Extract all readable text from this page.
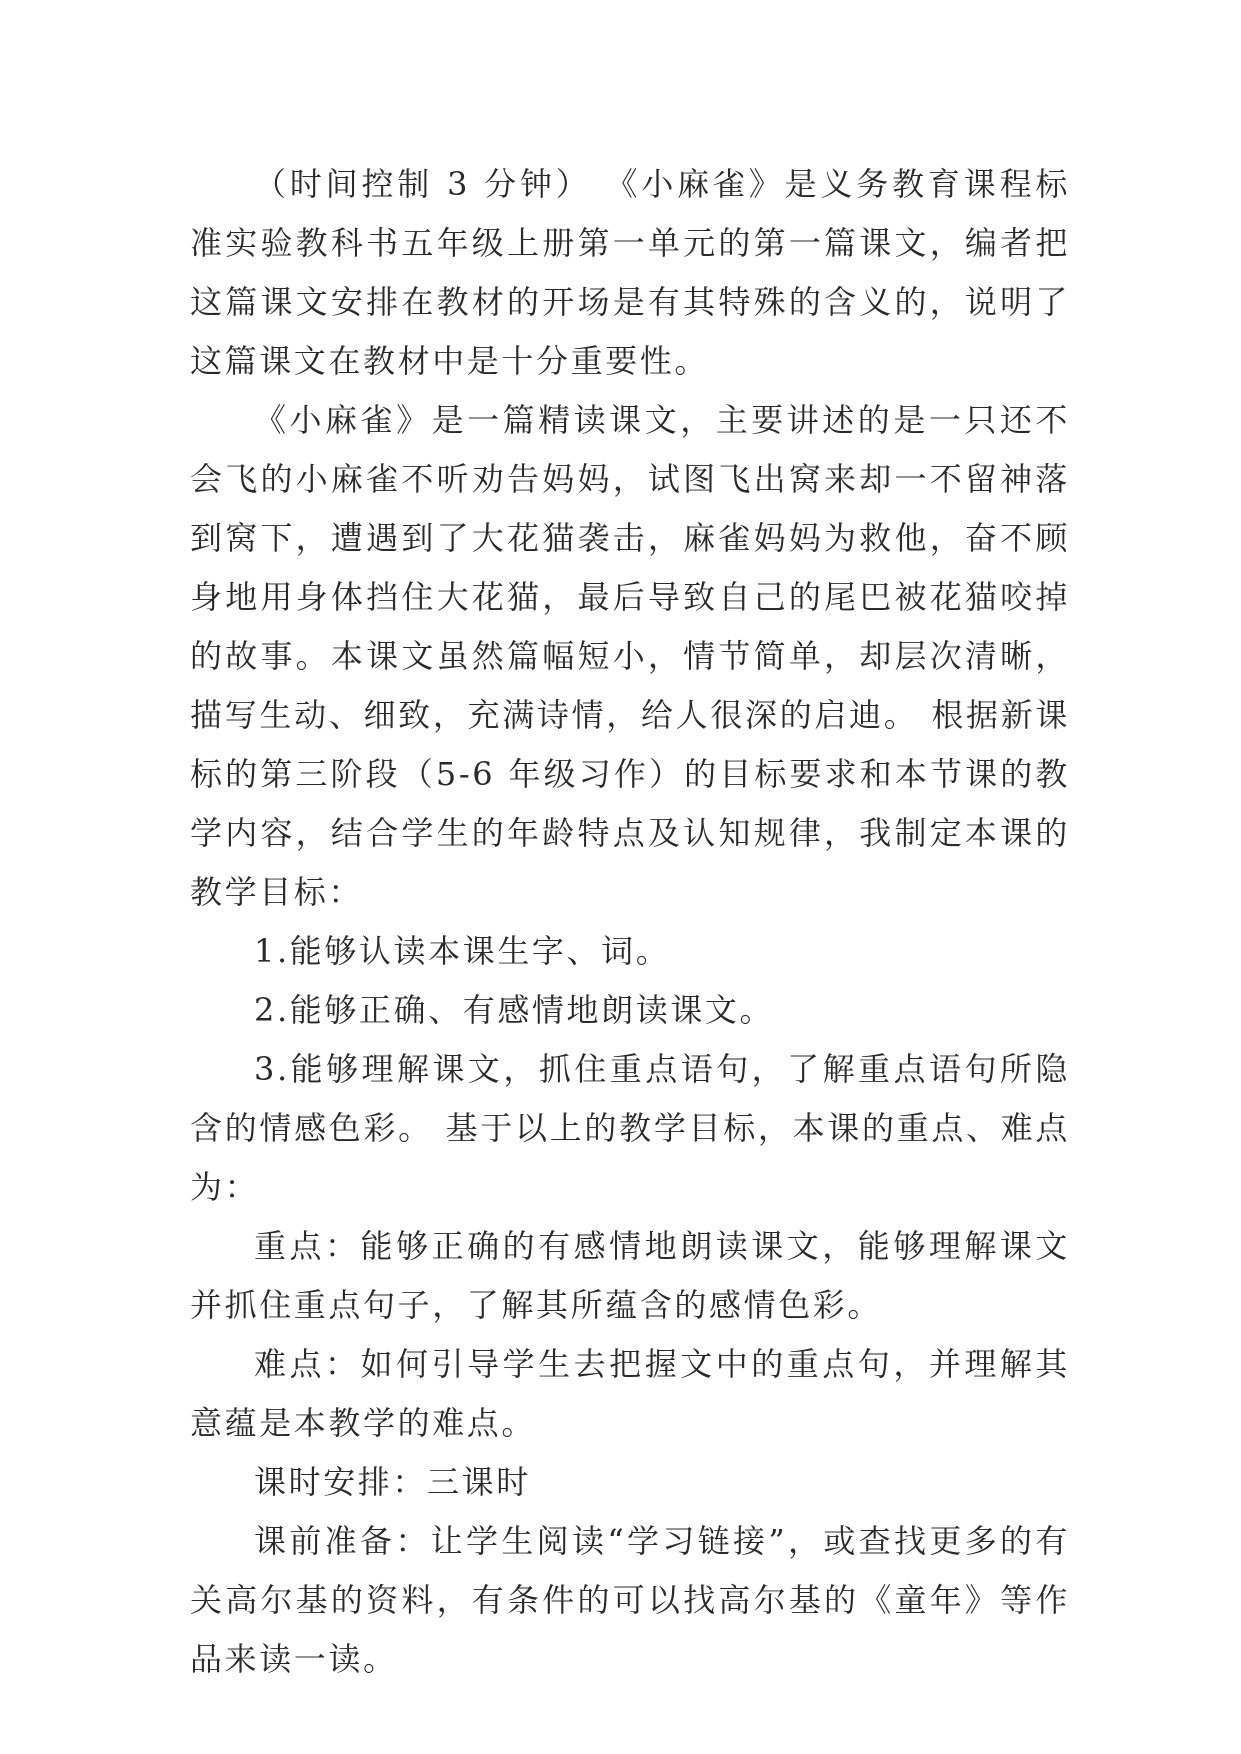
（时间控制 3 分钟） 《小麻雀》是义务教育课程标准实验教科书五年级上册第一单元的第一篇课文，编者把这篇课文安排在教材的开场是有其特殊的含义的，说明了这篇课文在教材中是十分重要性。

《小麻雀》是一篇精读课文，主要讲述的是一只还不会飞的小麻雀不听劝告妈妈，试图飞出窝来却一不留神落到窝下，遭遇到了大花猫袭击，麻雀妈妈为救他，奋不顾身地用身体挡住大花猫，最后导致自己的尾巴被花猫咬掉的故事。本课文虽然篇幅短小，情节简单，却层次清晰，描写生动、细致，充满诗情，给人很深的启迪。 根据新课标的第三阶段（5-6 年级习作）的目标要求和本节课的教学内容，结合学生的年龄特点及认知规律，我制定本课的教学目标：

1.能够认读本课生字、词。

2.能够正确、有感情地朗读课文。

3.能够理解课文，抓住重点语句，了解重点语句所隐含的情感色彩。 基于以上的教学目标，本课的重点、难点为：

重点：能够正确的有感情地朗读课文，能够理解课文并抓住重点句子，了解其所蕴含的感情色彩。

难点：如何引导学生去把握文中的重点句，并理解其意蕴是本教学的难点。

课时安排：三课时

课前准备：让学生阅读“学习链接”，或查找更多的有关高尔基的资料，有条件的可以找高尔基的《童年》等作品来读一读。
